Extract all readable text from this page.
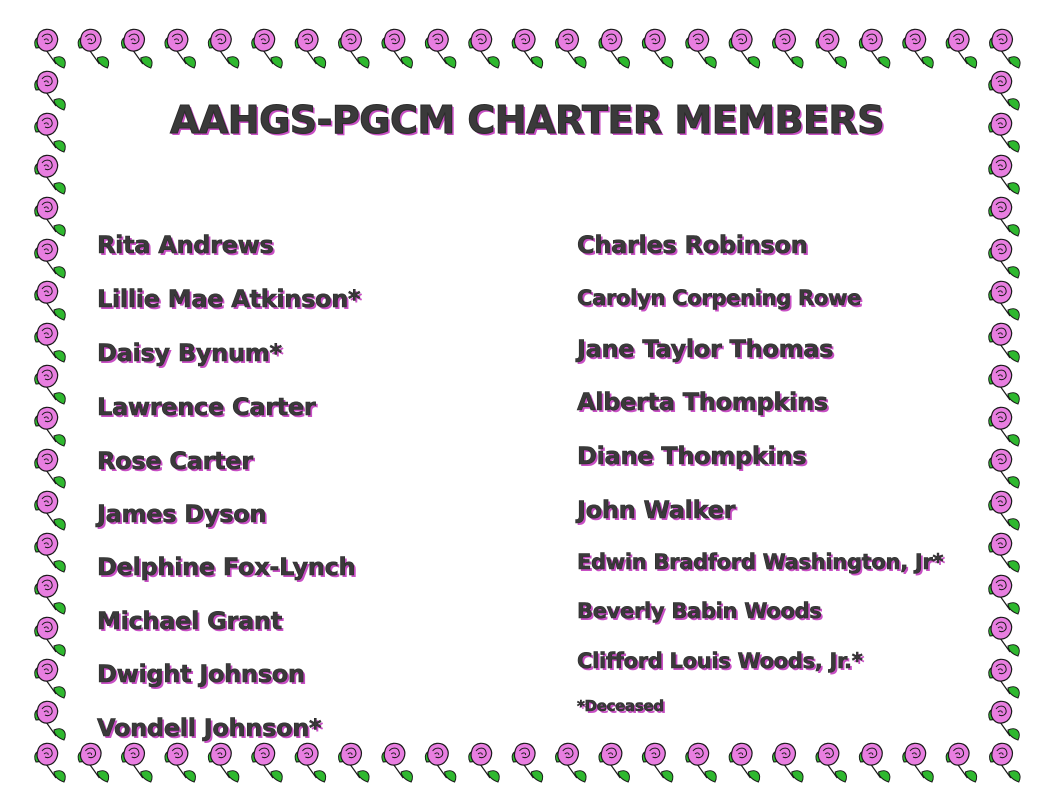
AAHGS-PGCM CHARTER MEMBERS
Rita Andrews
Lillie Mae Atkinson*
Daisy Bynum*
Lawrence Carter
Rose Carter
James Dyson
Delphine Fox-Lynch
Michael Grant
Dwight Johnson
Vondell Johnson*
Charles Robinson
Carolyn Corpening Rowe
Jane Taylor Thomas
Alberta Thompkins
Diane Thompkins
John Walker
Edwin Bradford Washington, Jr*
Beverly Babin Woods
Clifford Louis Woods, Jr.*
*Deceased
